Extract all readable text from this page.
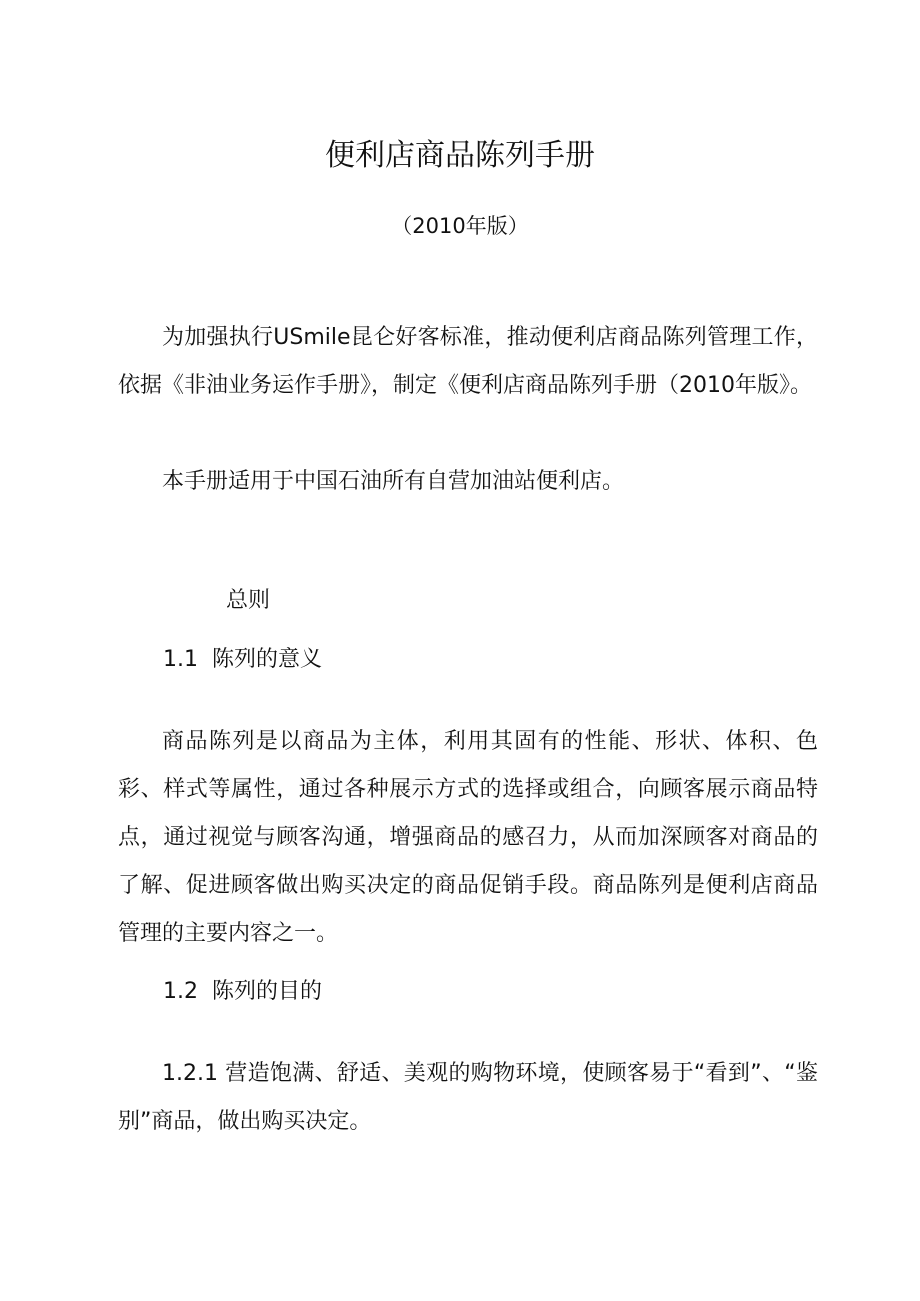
便利店商品陈列手册
（2010年版）

为加强执行USmile昆仑好客标准，推动便利店商品陈列管理工作，依据《非油业务运作手册》，制定《便利店商品陈列手册（2010年版》。

本手册适用于中国石油所有自营加油站便利店。

总则
1.1  陈列的意义

商品陈列是以商品为主体，利用其固有的性能、形状、体积、色彩、样式等属性，通过各种展示方式的选择或组合，向顾客展示商品特点，通过视觉与顾客沟通，增强商品的感召力，从而加深顾客对商品的了解、促进顾客做出购买决定的商品促销手段。商品陈列是便利店商品管理的主要内容之一。

1.2  陈列的目的

1.2.1 营造饱满、舒适、美观的购物环境，使顾客易于“看到”、“鉴别”商品，做出购买决定。
